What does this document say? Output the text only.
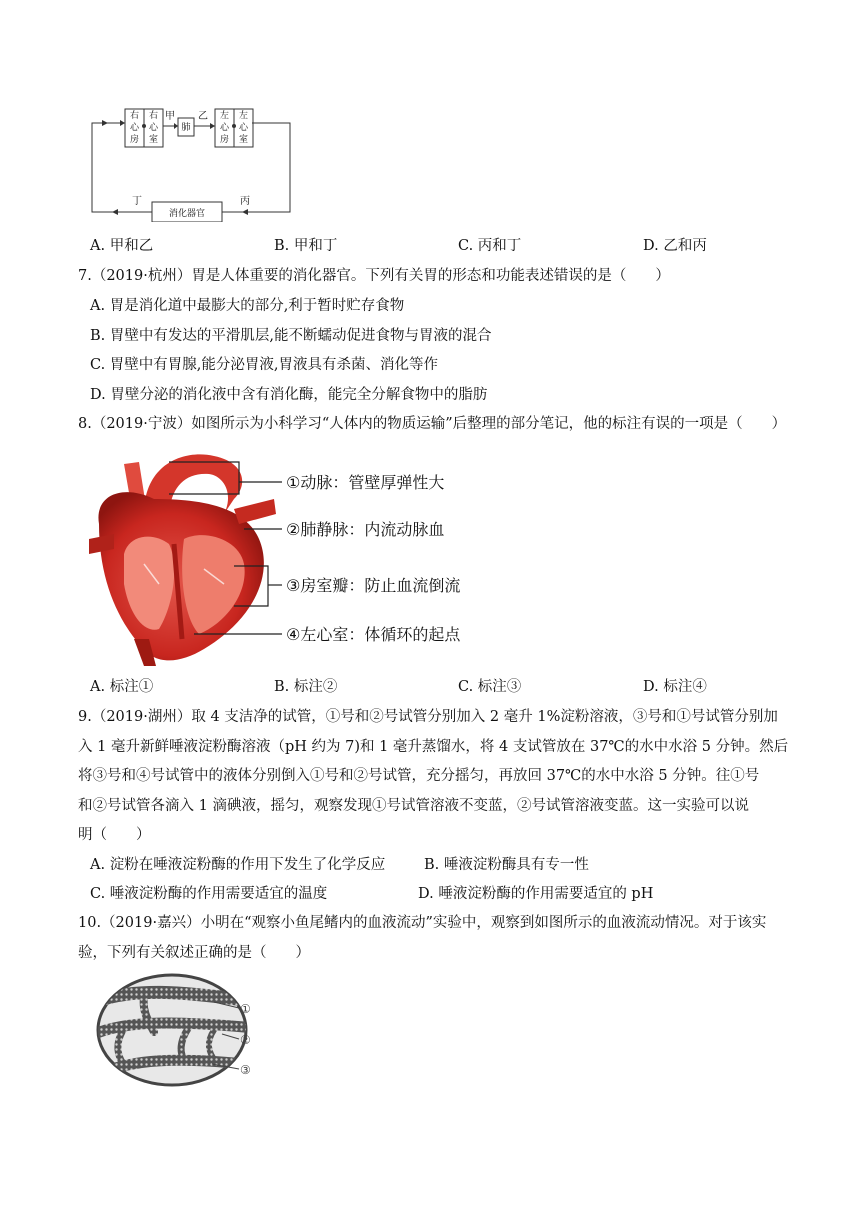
右
心
房
右
心
室
肺
左
心
房
左
心
室
消化器官
甲 乙
丁	丙
A. 甲和乙	B. 甲和丁	C. 丙和丁	D. 乙和丙
7.（2019·杭州）胃是人体重要的消化器官。下列有关胃的形态和功能表述错误的是（　　）
A. 胃是消化道中最膨大的部分,利于暂时贮存食物
B. 胃壁中有发达的平滑肌层,能不断蠕动促进食物与胃液的混合
C. 胃壁中有胃腺,能分泌胃液,胃液具有杀菌、消化等作
D. 胃壁分泌的消化液中含有消化酶，能完全分解食物中的脂肪
8.（2019·宁波）如图所示为小科学习“人体内的物质运输”后整理的部分笔记，他的标注有误的一项是（　　）
①动脉：管壁厚弹性大
②肺静脉：内流动脉血
③房室瓣：防止血流倒流
④左心室：体循环的起点
A. 标注①	B. 标注②	C. 标注③	D. 标注④
9.（2019·湖州）取 4 支洁净的试管，①号和②号试管分别加入 2 毫升 1%淀粉溶液，③号和①号试管分别加
入 1 毫升新鲜唾液淀粉酶溶液（pH 约为 7)和 1 毫升蒸馏水，将 4 支试管放在 37℃的水中水浴 5 分钟。然后
将③号和④号试管中的液体分别倒入①号和②号试管，充分摇匀，再放回 37℃的水中水浴 5 分钟。往①号
和②号试管各滴入 1 滴碘液，摇匀，观察发现①号试管溶液不变蓝，②号试管溶液变蓝。这一实验可以说
明（　　）
A. 淀粉在唾液淀粉酶的作用下发生了化学反应	B. 唾液淀粉酶具有专一性
C. 唾液淀粉酶的作用需要适宜的温度	D. 唾液淀粉酶的作用需要适宜的 pH
10.（2019·嘉兴）小明在“观察小鱼尾鳍内的血液流动”实验中，观察到如图所示的血液流动情况。对于该实
验，下列有关叙述正确的是（　　）
①
②
③
